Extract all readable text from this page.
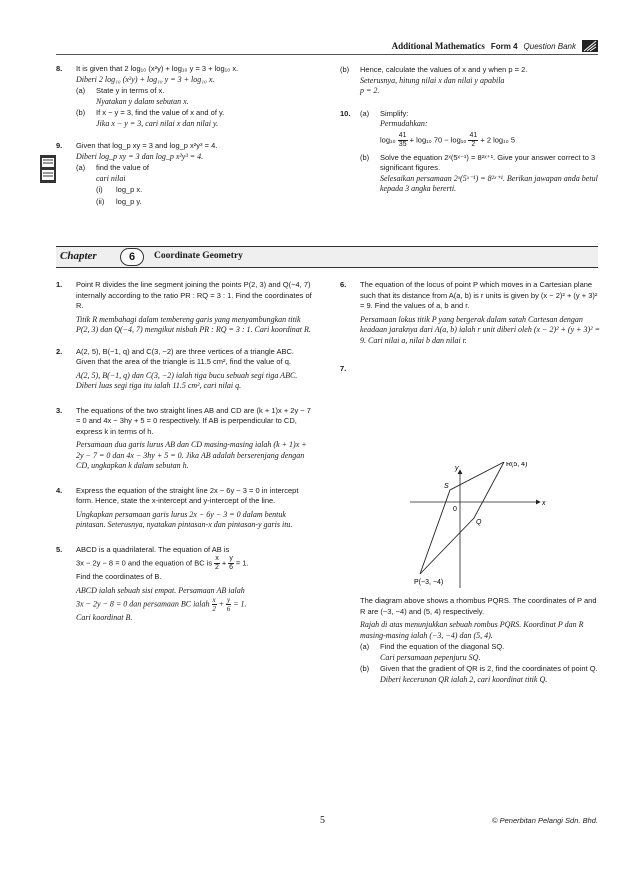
Additional Mathematics Form 4 Question Bank
8.	It is given that 2 log₁₀ (x²y) + log₁₀ y = 3 + log₁₀ x.
Diberi 2 log₁₀ (x²y) + log₁₀ y = 3 + log₁₀ x.
(a)	State y in terms of x.
Nyatakan y dalam sebutan x.
(b)	If x − y = 3, find the value of x and of y.
Jika x − y = 3, cari nilai x dan nilai y.
9.	Given that log_p xy = 3 and log_p x²y³ = 4.
Diberi log_p xy = 3 dan log_p x²y³ = 4.
(a)	find the value of
cari nilai
(i)	log_p x.
(ii)	log_p y.
(b)	Hence, calculate the values of x and y when p = 2.
Seterusnya, hitung nilai x dan nilai y apabila
p = 2.
10.	(a)	Simplify:
Permudahkan:
$\log_{10} \frac{41}{35} + \log_{10}$ $70 - \log_{10} \frac{41}{2} + 2$ log₁₀ 5
(b)	Solve the equation 2ˣ(5ˣ⁻¹) = 8²ˣ⁺¹. Give your answer correct to 3 significant figures.
Selesaikan persamaan 2ˣ(5ˣ⁻¹) = 8²ˣ⁺¹. Berikan jawapan anda betul kepada 3 angka bererti.
Chapter	6	Coordinate Geometry
1.	Point R divides the line segment joining the points P(2, 3) and Q(−4, 7) internally according to the ratio PR : RQ = 3 : 1. Find the coordinates of R.
Titik R membahagi dalam tembereng garis yang menyambungkan titik P(2, 3) dan Q(−4, 7) mengikut nisbah PR : RQ = 3 : 1. Cari koordinat R.
2.	A(2, 5), B(−1, q) and C(3, −2) are three vertices of a triangle ABC. Given that the area of the triangle is 11.5 cm², find the value of q.
A(2, 5), B(−1, q) dan C(3, −2) ialah tiga bucu sebuah segi tiga ABC. Diberi luas segi tiga itu ialah 11.5 cm², cari nilai q.
3.	The equations of the two straight lines AB and CD are (k + 1)x + 2y − 7 = 0 and 4x − 3hy + 5 = 0 respectively. If AB is perpendicular to CD, express k in terms of h.
Persamaan dua garis lurus AB dan CD masing-masing ialah (k + 1)x + 2y − 7 = 0 dan 4x − 3hy + 5 = 0. Jika AB adalah berserenjang dengan CD, ungkapkan k dalam sebutan h.
4.	Express the equation of the straight line 2x − 6y − 3 = 0 in intercept form. Hence, state the x-intercept and y-intercept of the line.
Ungkapkan persamaan garis lurus 2x − 6y − 3 = 0 dalam bentuk pintasan. Seterusnya, nyatakan pintasan-x dan pintasan-y garis itu.
5.	ABCD is a quadrilateral. The equation of AB is
3x − 2y − 8 = 0 and the equation of BC is $\frac{x}{2} + \frac{y}{6} = 1$.
Find the coordinates of B.
ABCD ialah sebuah sisi empat. Persamaan AB ialah
3x − 2y − 8 = 0 dan persamaan BC ialah $\frac{x}{2} + \frac{y}{6} = 1$.
Cari koordinat B.
6.	The equation of the locus of point P which moves in a Cartesian plane such that its distance from A(a, b) is r units is given by (x − 2)² + (y + 3)² = 9. Find the values of a, b and r.
Persamaan lokus titik P yang bergerak dalam satah Cartesan dengan keadaan jaraknya dari A(a, b) ialah r unit diberi oleh (x − 2)² + (y + 3)² = 9. Cari nilai a, nilai b dan nilai r.
7.
y
x
0
R(5, 4)
P(−3, −4)
S
Q
The diagram above shows a rhombus PQRS. The coordinates of P and R are (−3, −4) and (5, 4) respectively.
Rajah di atas menunjukkan sebuah rombus PQRS. Koordinat P dan R masing-masing ialah (−3, −4) dan (5, 4).
(a)	Find the equation of the diagonal SQ.
Cari persamaan pepenjuru SQ.
(b)	Given that the gradient of QR is 2, find the coordinates of point Q.
Diberi kecerunan QR ialah 2, cari koordinat titik Q.
5	© Penerbitan Pelangi Sdn. Bhd.
